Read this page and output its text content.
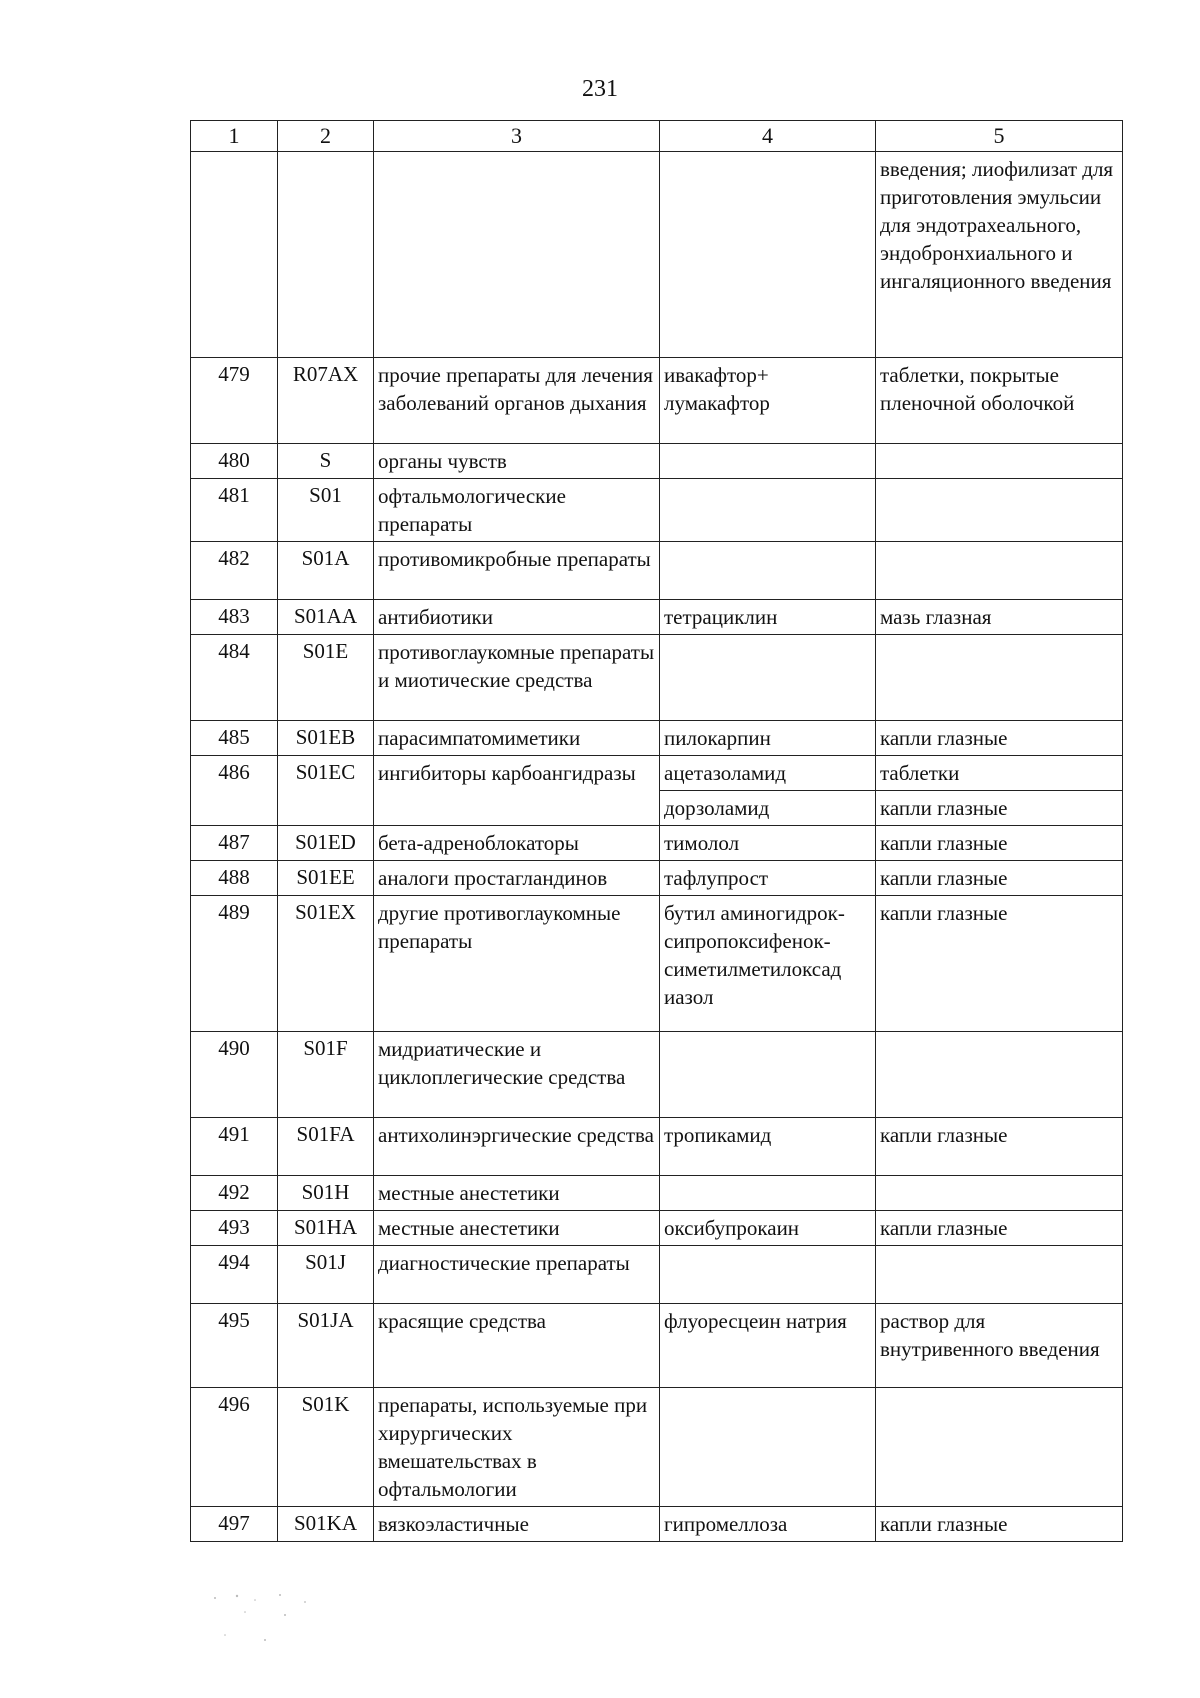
231
1	2	3	4	5
				введения; лиофилизат для приготовления эмульсии для эндотрахеального, эндобронхиального и ингаляционного введения
479	R07AX	прочие препараты для лечения заболеваний органов дыхания	ивакафтор+ лумакафтор	таблетки, покрытые пленочной оболочкой
480	S	органы чувств		
481	S01	офтальмологические препараты		
482	S01A	противомикробные препараты		
483	S01AA	антибиотики	тетрациклин	мазь глазная
484	S01E	противоглаукомные препараты и миотические средства		
485	S01EB	парасимпатомиметики	пилокарпин	капли глазные
486	S01EC	ингибиторы карбоангидразы	ацетазоламид	таблетки
			дорзоламид	капли глазные
487	S01ED	бета-адреноблокаторы	тимолол	капли глазные
488	S01EE	аналоги простагландинов	тафлупрост	капли глазные
489	S01EX	другие противоглаукомные препараты	бутил аминогидрок-сипропоксифенок-симетилметилоксад иазол	капли глазные
490	S01F	мидриатические и циклоплегические средства		
491	S01FA	антихолинэргические средства	тропикамид	капли глазные
492	S01H	местные анестетики		
493	S01HA	местные анестетики	оксибупрокаин	капли глазные
494	S01J	диагностические препараты		
495	S01JA	красящие средства	флуоресцеин натрия	раствор для внутривенного введения
496	S01K	препараты, используемые при хирургических вмешательствах в офтальмологии		
497	S01KA	вязкоэластичные	гипромеллоза	капли глазные
